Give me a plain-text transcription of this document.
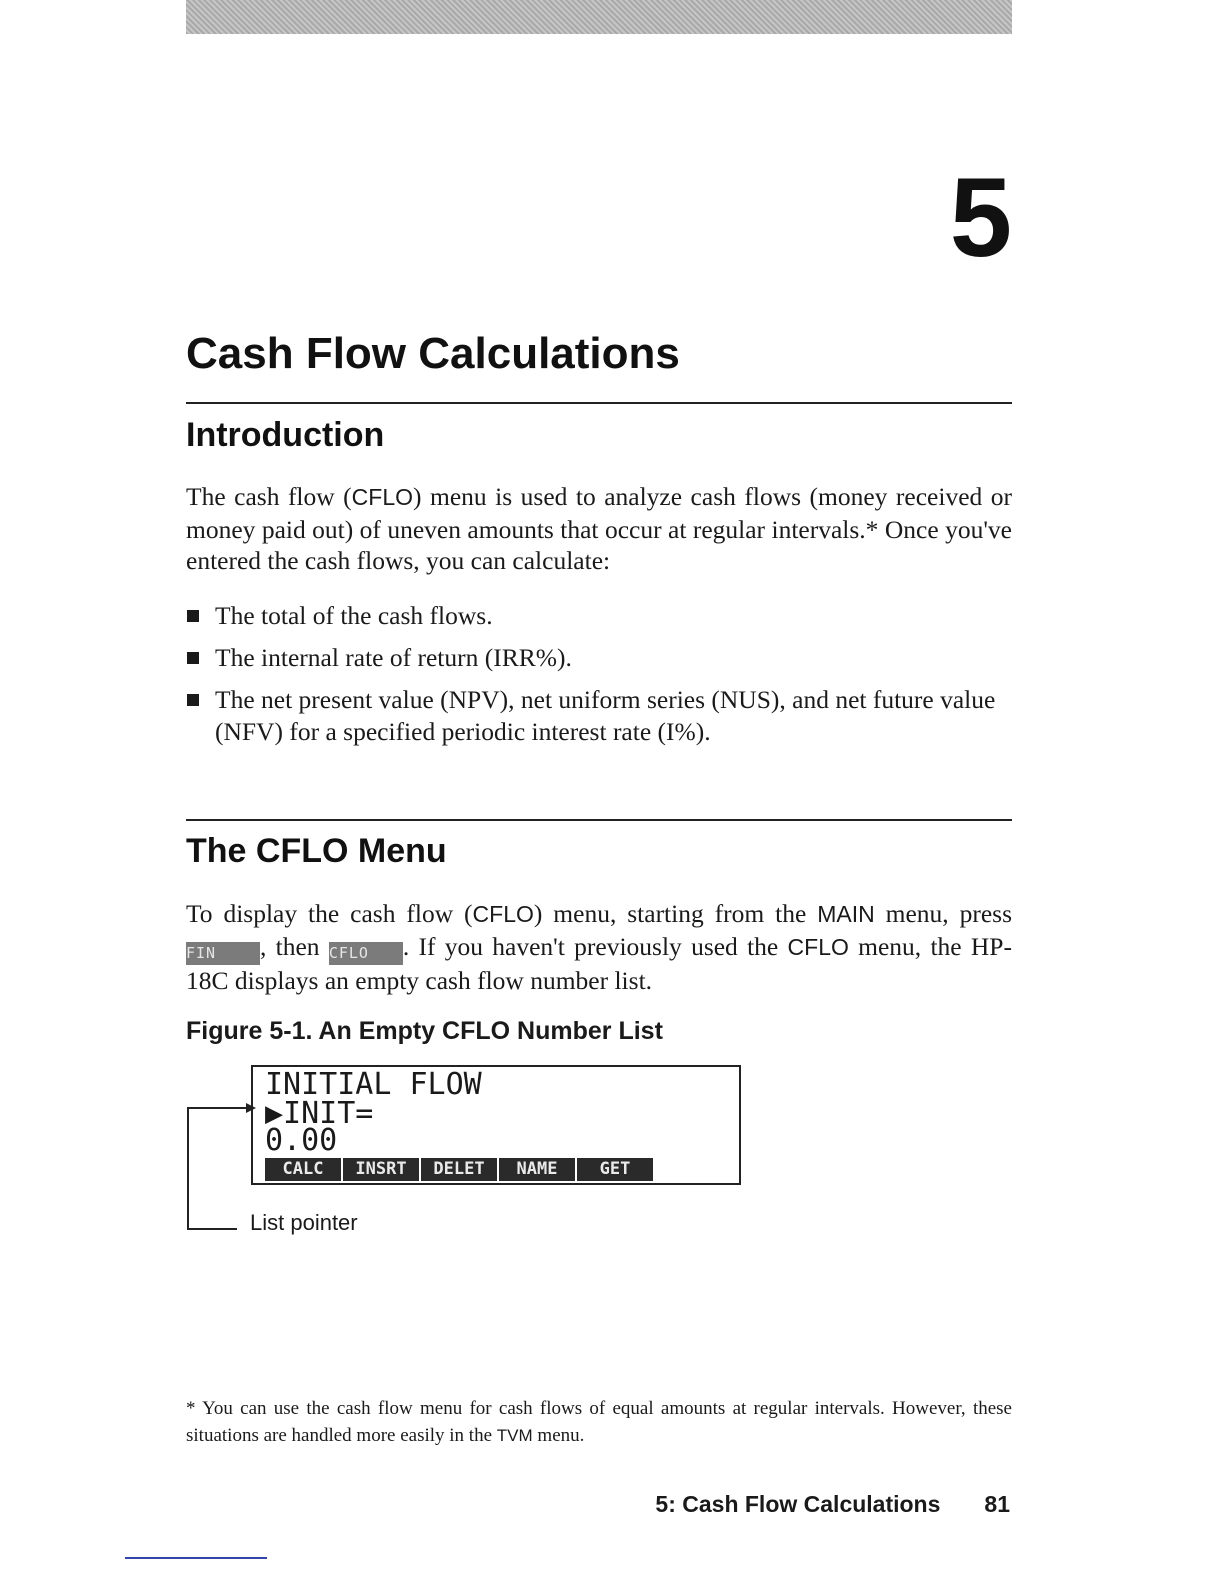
5
Cash Flow Calculations
Introduction

The cash flow (CFLO) menu is used to analyze cash flows (money received or money paid out) of uneven amounts that occur at regular intervals.* Once you've entered the cash flows, you can calculate:

The total of the cash flows.
The internal rate of return (IRR%).
The net present value (NPV), net uniform series (NUS), and net future value (NFV) for a specified periodic interest rate (I%).
The CFLO Menu

To display the cash flow (CFLO) menu, starting from the MAIN menu, press FIN , then CFLO . If you haven't previously used the CFLO menu, the HP-18C displays an empty cash flow number list.

Figure 5-1. An Empty CFLO Number List
INITIAL FLOW
▶INIT=
0.00
CALC	INSRT	DELET	NAME	GET
List pointer

* You can use the cash flow menu for cash flows of equal amounts at regular intervals. However, these situations are handled more easily in the TVM menu.

5: Cash Flow Calculations 81
